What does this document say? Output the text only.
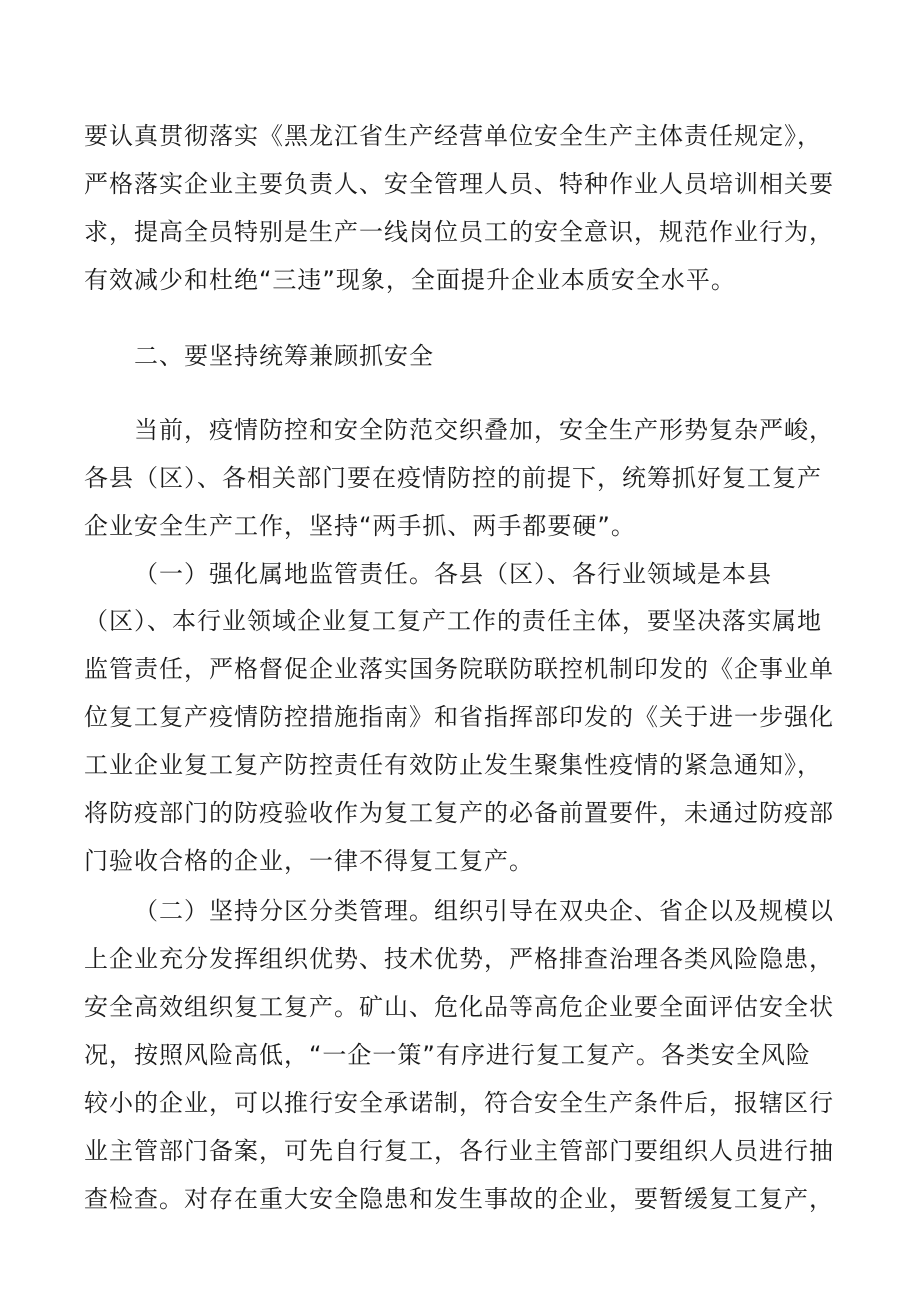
要认真贯彻落实《黑龙江省生产经营单位安全生产主体责任规定》，
严格落实企业主要负责人、安全管理人员、特种作业人员培训相关要
求，提高全员特别是生产一线岗位员工的安全意识，规范作业行为，
有效减少和杜绝“三违”现象，全面提升企业本质安全水平。
二、要坚持统筹兼顾抓安全
当前，疫情防控和安全防范交织叠加，安全生产形势复杂严峻，
各县（区）、各相关部门要在疫情防控的前提下，统筹抓好复工复产
企业安全生产工作，坚持“两手抓、两手都要硬”。
（一）强化属地监管责任。各县（区）、各行业领域是本县
（区）、本行业领域企业复工复产工作的责任主体，要坚决落实属地
监管责任，严格督促企业落实国务院联防联控机制印发的《企事业单
位复工复产疫情防控措施指南》和省指挥部印发的《关于进一步强化
工业企业复工复产防控责任有效防止发生聚集性疫情的紧急通知》，
将防疫部门的防疫验收作为复工复产的必备前置要件，未通过防疫部
门验收合格的企业，一律不得复工复产。
（二）坚持分区分类管理。组织引导在双央企、省企以及规模以
上企业充分发挥组织优势、技术优势，严格排查治理各类风险隐患，
安全高效组织复工复产。矿山、危化品等高危企业要全面评估安全状
况，按照风险高低，“一企一策”有序进行复工复产。各类安全风险
较小的企业，可以推行安全承诺制，符合安全生产条件后，报辖区行
业主管部门备案，可先自行复工，各行业主管部门要组织人员进行抽
查检查。对存在重大安全隐患和发生事故的企业，要暂缓复工复产，
